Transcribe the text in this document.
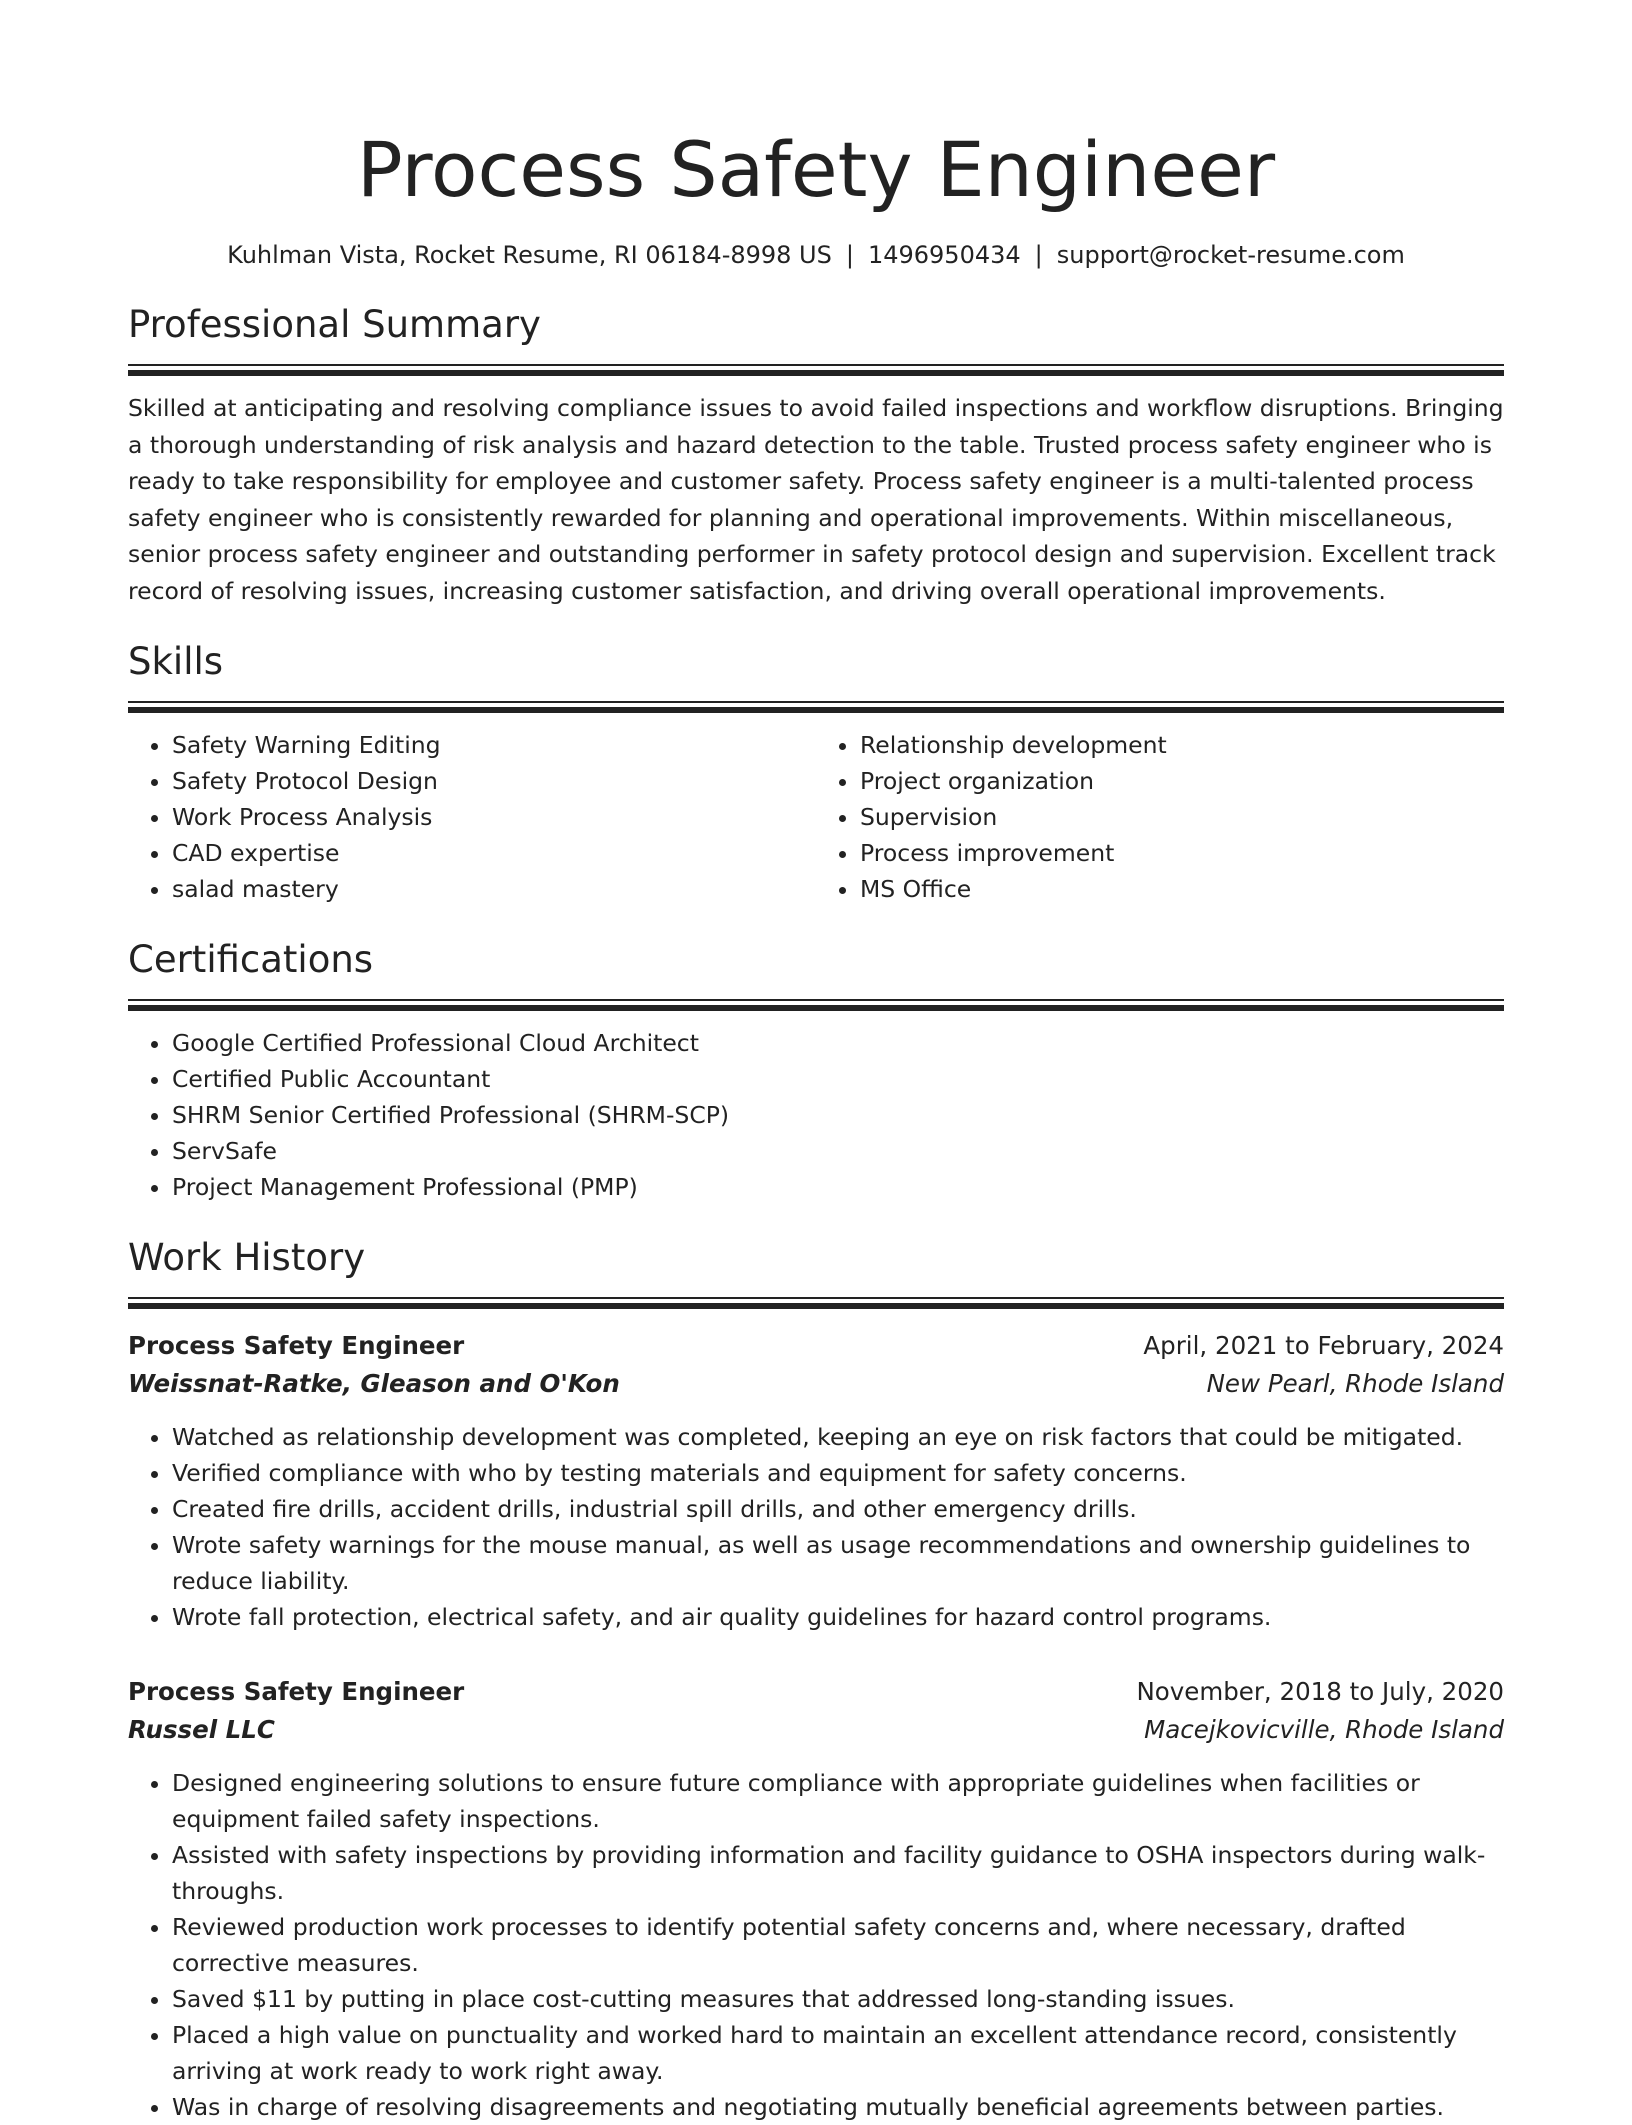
Process Safety Engineer
Kuhlman Vista, Rocket Resume, RI 06184-8998 US | 1496950434 | support@rocket-resume.com
Professional Summary

Skilled at anticipating and resolving compliance issues to avoid failed inspections and workflow disruptions. Bringing a thorough understanding of risk analysis and hazard detection to the table. Trusted process safety engineer who is ready to take responsibility for employee and customer safety. Process safety engineer is a multi-talented process safety engineer who is consistently rewarded for planning and operational improvements. Within miscellaneous, senior process safety engineer and outstanding performer in safety protocol design and supervision. Excellent track record of resolving issues, increasing customer satisfaction, and driving overall operational improvements.

Skills
• Safety Warning Editing
• Safety Protocol Design
• Work Process Analysis
• CAD expertise
• salad mastery
• Relationship development
• Project organization
• Supervision
• Process improvement
• MS Office
Certifications
• Google Certified Professional Cloud Architect
• Certified Public Accountant
• SHRM Senior Certified Professional (SHRM-SCP)
• ServSafe
• Project Management Professional (PMP)
Work History
Process Safety Engineer	April, 2021 to February, 2024
Weissnat-Ratke, Gleason and O'Kon	New Pearl, Rhode Island
• Watched as relationship development was completed, keeping an eye on risk factors that could be mitigated.
• Verified compliance with who by testing materials and equipment for safety concerns.
• Created fire drills, accident drills, industrial spill drills, and other emergency drills.
• Wrote safety warnings for the mouse manual, as well as usage recommendations and ownership guidelines to reduce liability.
• Wrote fall protection, electrical safety, and air quality guidelines for hazard control programs.
Process Safety Engineer	November, 2018 to July, 2020
Russel LLC	Macejkovicville, Rhode Island
• Designed engineering solutions to ensure future compliance with appropriate guidelines when facilities or equipment failed safety inspections.
• Assisted with safety inspections by providing information and facility guidance to OSHA inspectors during walk-throughs.
• Reviewed production work processes to identify potential safety concerns and, where necessary, drafted corrective measures.
• Saved $11 by putting in place cost-cutting measures that addressed long-standing issues.
• Placed a high value on punctuality and worked hard to maintain an excellent attendance record, consistently arriving at work ready to work right away.
• Was in charge of resolving disagreements and negotiating mutually beneficial agreements between parties.
